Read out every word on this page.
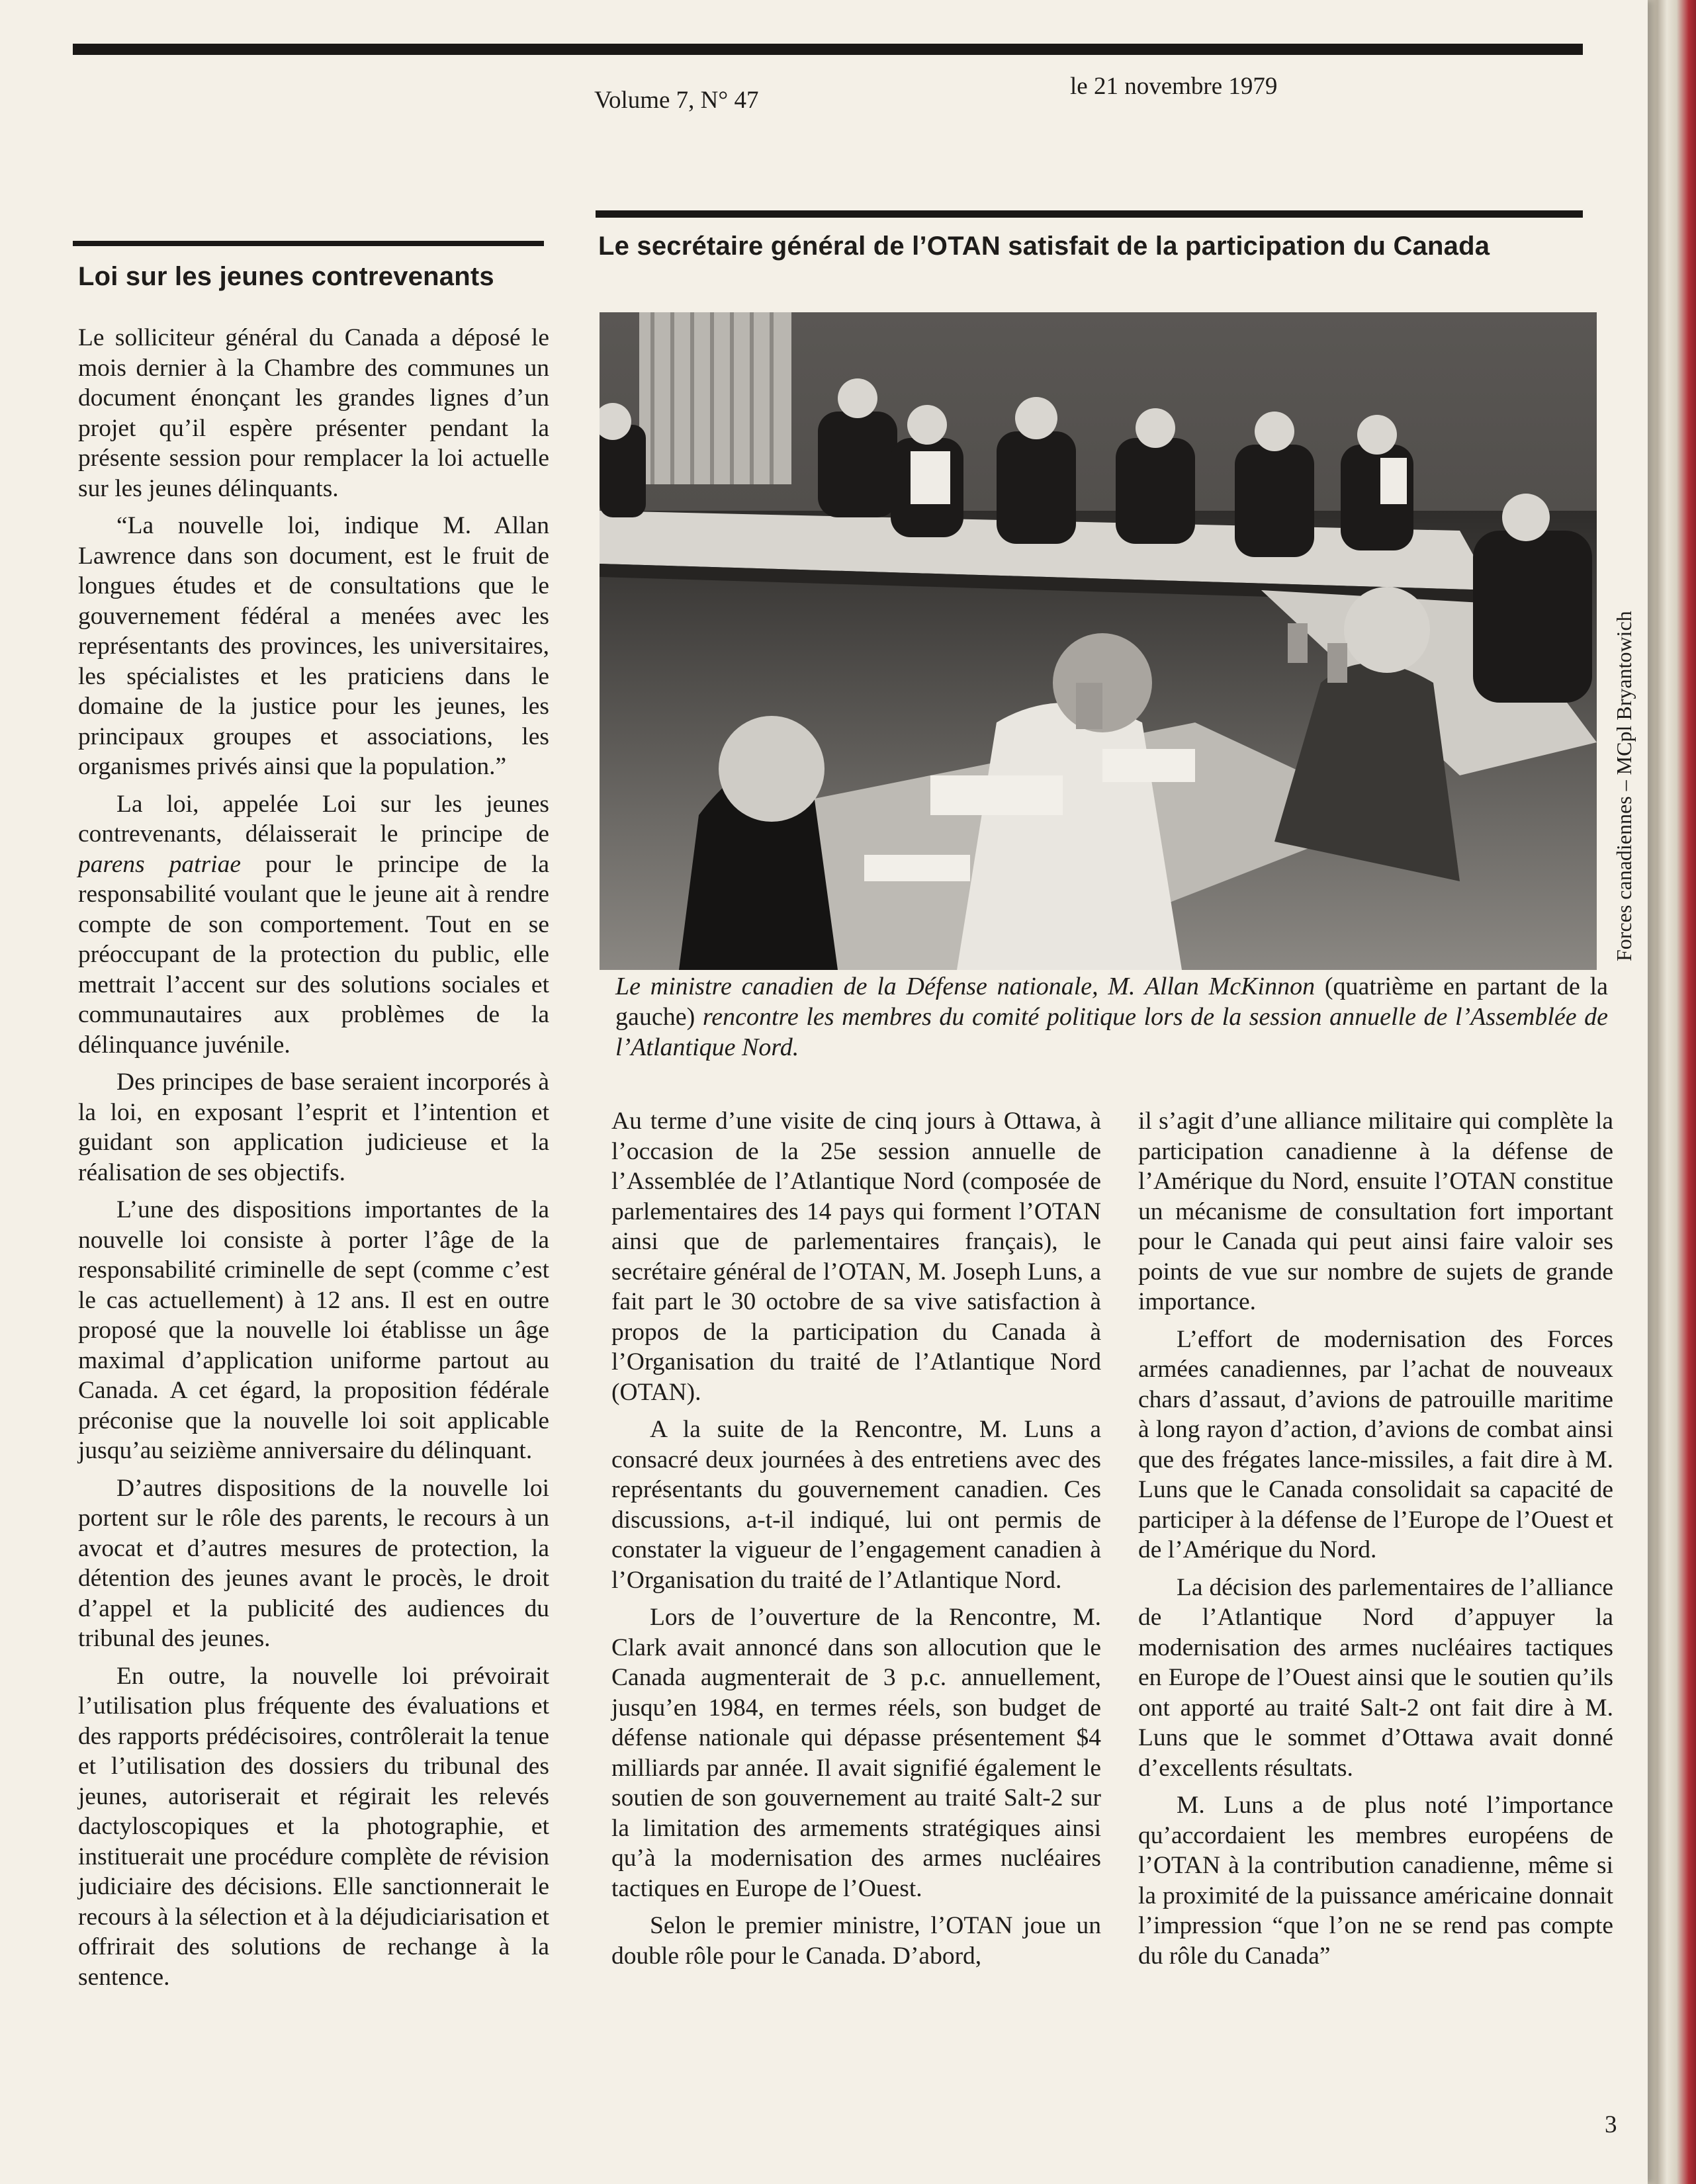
Volume 7, N° 47
le 21 novembre 1979
Loi sur les jeunes contrevenants

Le solliciteur général du Canada a déposé le mois dernier à la Chambre des communes un document énonçant les grandes lignes d’un projet qu’il espère présenter pendant la présente session pour remplacer la loi actuelle sur les jeunes délinquants.

“La nouvelle loi, indique M. Allan Lawrence dans son document, est le fruit de longues études et de consultations que le gouvernement fédéral a menées avec les représentants des provinces, les universitaires, les spécialistes et les praticiens dans le domaine de la justice pour les jeunes, les principaux groupes et associations, les organismes privés ainsi que la population.”

La loi, appelée Loi sur les jeunes contrevenants, délaisserait le principe de parens patriae pour le principe de la responsabilité voulant que le jeune ait à rendre compte de son comportement. Tout en se préoccupant de la protection du public, elle mettrait l’accent sur des solutions sociales et communautaires aux problèmes de la délinquance juvénile.

Des principes de base seraient incorporés à la loi, en exposant l’esprit et l’intention et guidant son application judicieuse et la réalisation de ses objectifs.

L’une des dispositions importantes de la nouvelle loi consiste à porter l’âge de la responsabilité criminelle de sept (comme c’est le cas actuellement) à 12 ans. Il est en outre proposé que la nouvelle loi établisse un âge maximal d’application uniforme partout au Canada. A cet égard, la proposition fédérale préconise que la nouvelle loi soit applicable jusqu’au seizième anniversaire du délinquant.

D’autres dispositions de la nouvelle loi portent sur le rôle des parents, le recours à un avocat et d’autres mesures de protection, la détention des jeunes avant le procès, le droit d’appel et la publicité des audiences du tribunal des jeunes.

En outre, la nouvelle loi prévoirait l’utilisation plus fréquente des évaluations et des rapports prédécisoires, contrôlerait la tenue et l’utilisation des dossiers du tribunal des jeunes, autoriserait et régirait les relevés dactyloscopiques et la photographie, et instituerait une procédure complète de révision judiciaire des décisions. Elle sanctionnerait le recours à la sélection et à la déjudiciarisation et offrirait des solutions de rechange à la sentence.

Le secrétaire général de l’OTAN satisfait de la participation du Canada
Forces canadiennes – MCpl Bryantowich
Le ministre canadien de la Défense nationale, M. Allan McKinnon (quatrième en partant de la gauche) rencontre les membres du comité politique lors de la session annuelle de l’Assemblée de l’Atlantique Nord.

Au terme d’une visite de cinq jours à Ottawa, à l’occasion de la 25e session annuelle de l’Assemblée de l’Atlantique Nord (composée de parlementaires des 14 pays qui forment l’OTAN ainsi que de parlementaires français), le secrétaire général de l’OTAN, M. Joseph Luns, a fait part le 30 octobre de sa vive satisfaction à propos de la participation du Canada à l’Organisation du traité de l’Atlantique Nord (OTAN).

A la suite de la Rencontre, M. Luns a consacré deux journées à des entretiens avec des représentants du gouvernement canadien. Ces discussions, a-t-il indiqué, lui ont permis de constater la vigueur de l’engagement canadien à l’Organisation du traité de l’Atlantique Nord.

Lors de l’ouverture de la Rencontre, M. Clark avait annoncé dans son allocution que le Canada augmenterait de 3 p.c. annuellement, jusqu’en 1984, en termes réels, son budget de défense nationale qui dépasse présentement $4 milliards par année. Il avait signifié également le soutien de son gouvernement au traité Salt-2 sur la limitation des armements stratégiques ainsi qu’à la modernisation des armes nucléaires tactiques en Europe de l’Ouest.

Selon le premier ministre, l’OTAN joue un double rôle pour le Canada. D’abord,

il s’agit d’une alliance militaire qui complète la participation canadienne à la défense de l’Amérique du Nord, ensuite l’OTAN constitue un mécanisme de consultation fort important pour le Canada qui peut ainsi faire valoir ses points de vue sur nombre de sujets de grande importance.

L’effort de modernisation des Forces armées canadiennes, par l’achat de nouveaux chars d’assaut, d’avions de patrouille maritime à long rayon d’action, d’avions de combat ainsi que des frégates lance-missiles, a fait dire à M. Luns que le Canada consolidait sa capacité de participer à la défense de l’Europe de l’Ouest et de l’Amérique du Nord.

La décision des parlementaires de l’alliance de l’Atlantique Nord d’appuyer la modernisation des armes nucléaires tactiques en Europe de l’Ouest ainsi que le soutien qu’ils ont apporté au traité Salt-2 ont fait dire à M. Luns que le sommet d’Ottawa avait donné d’excellents résultats.

M. Luns a de plus noté l’importance qu’accordaient les membres européens de l’OTAN à la contribution canadienne, même si la proximité de la puissance américaine donnait l’impression “que l’on ne se rend pas compte du rôle du Canada”

3
